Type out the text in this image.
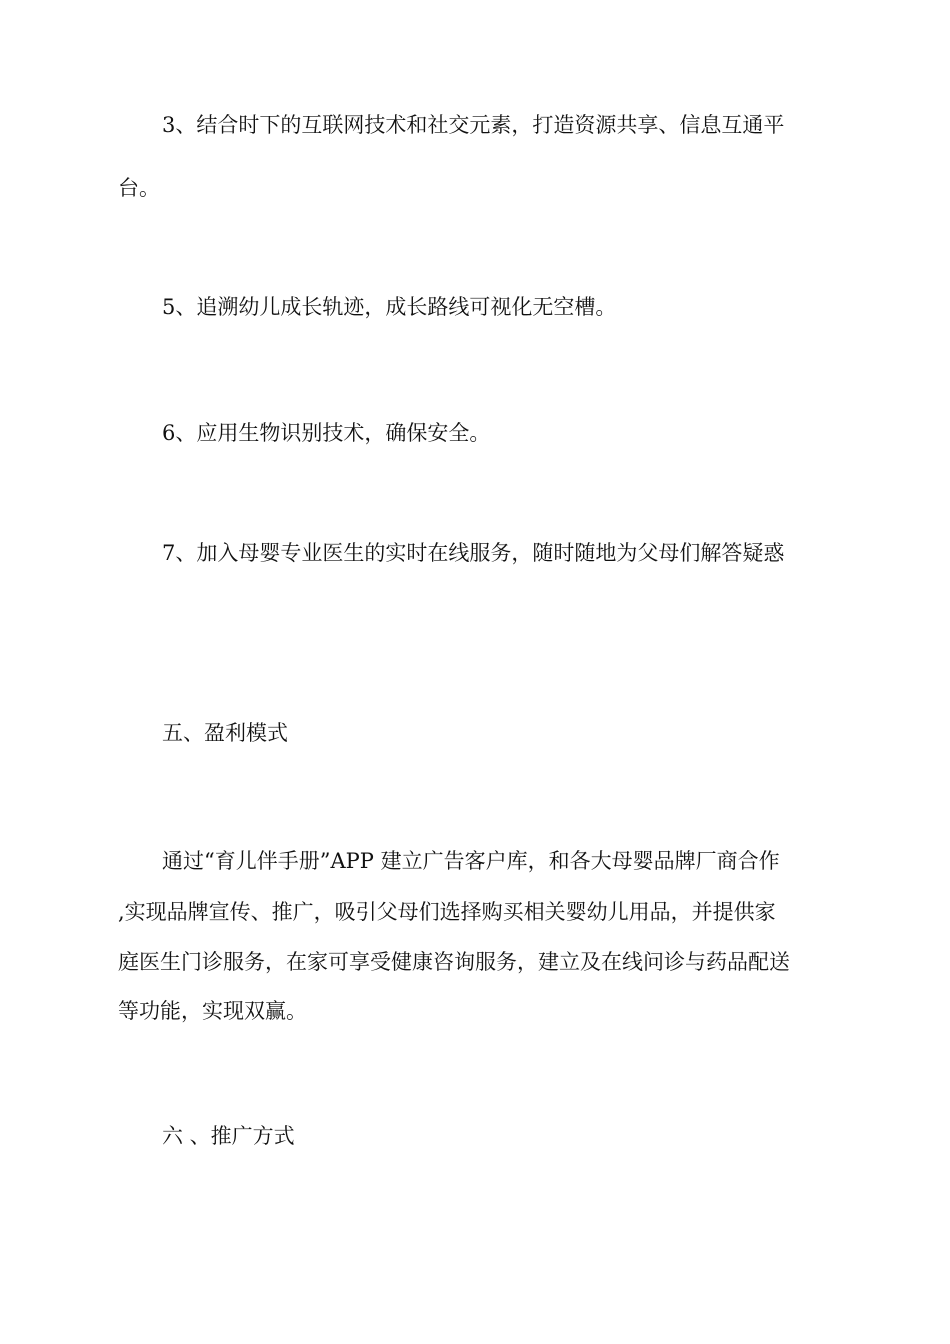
3、结合时下的互联网技术和社交元素，打造资源共享、信息互通平
台。
5、追溯幼儿成长轨迹，成长路线可视化无空槽。
6、应用生物识别技术，确保安全。
7、加入母婴专业医生的实时在线服务，随时随地为父母们解答疑惑
五、盈利模式
通过“育儿伴手册”APP 建立广告客户库，和各大母婴品牌厂商合作
,实现品牌宣传、推广，吸引父母们选择购买相关婴幼儿用品，并提供家
庭医生门诊服务，在家可享受健康咨询服务，建立及在线问诊与药品配送
等功能，实现双赢。
六 、推广方式
